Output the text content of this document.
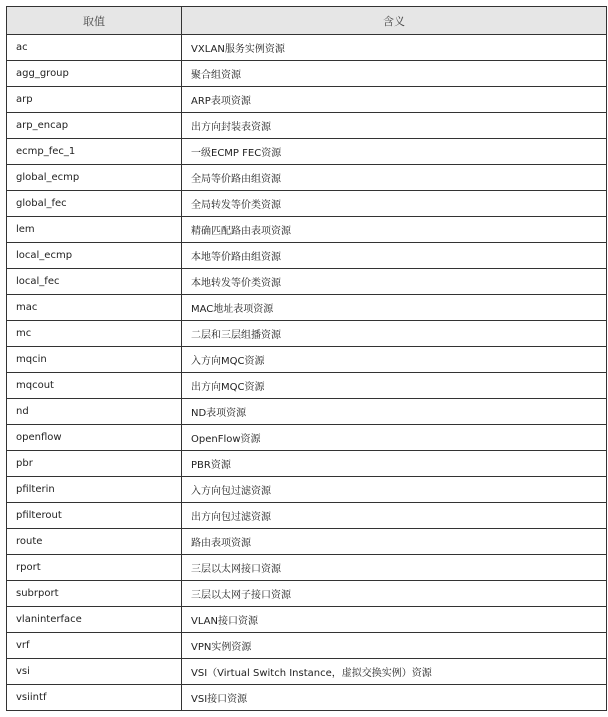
取值	含义
ac	VXLAN服务实例资源
agg_group	聚合组资源
arp	ARP表项资源
arp_encap	出方向封装表资源
ecmp_fec_1	一级ECMP FEC资源
global_ecmp	全局等价路由组资源
global_fec	全局转发等价类资源
lem	精确匹配路由表项资源
local_ecmp	本地等价路由组资源
local_fec	本地转发等价类资源
mac	MAC地址表项资源
mc	二层和三层组播资源
mqcin	入方向MQC资源
mqcout	出方向MQC资源
nd	ND表项资源
openflow	OpenFlow资源
pbr	PBR资源
pfilterin	入方向包过滤资源
pfilterout	出方向包过滤资源
route	路由表项资源
rport	三层以太网接口资源
subrport	三层以太网子接口资源
vlaninterface	VLAN接口资源
vrf	VPN实例资源
vsi	VSI（Virtual Switch Instance，虚拟交换实例）资源
vsiintf	VSI接口资源
